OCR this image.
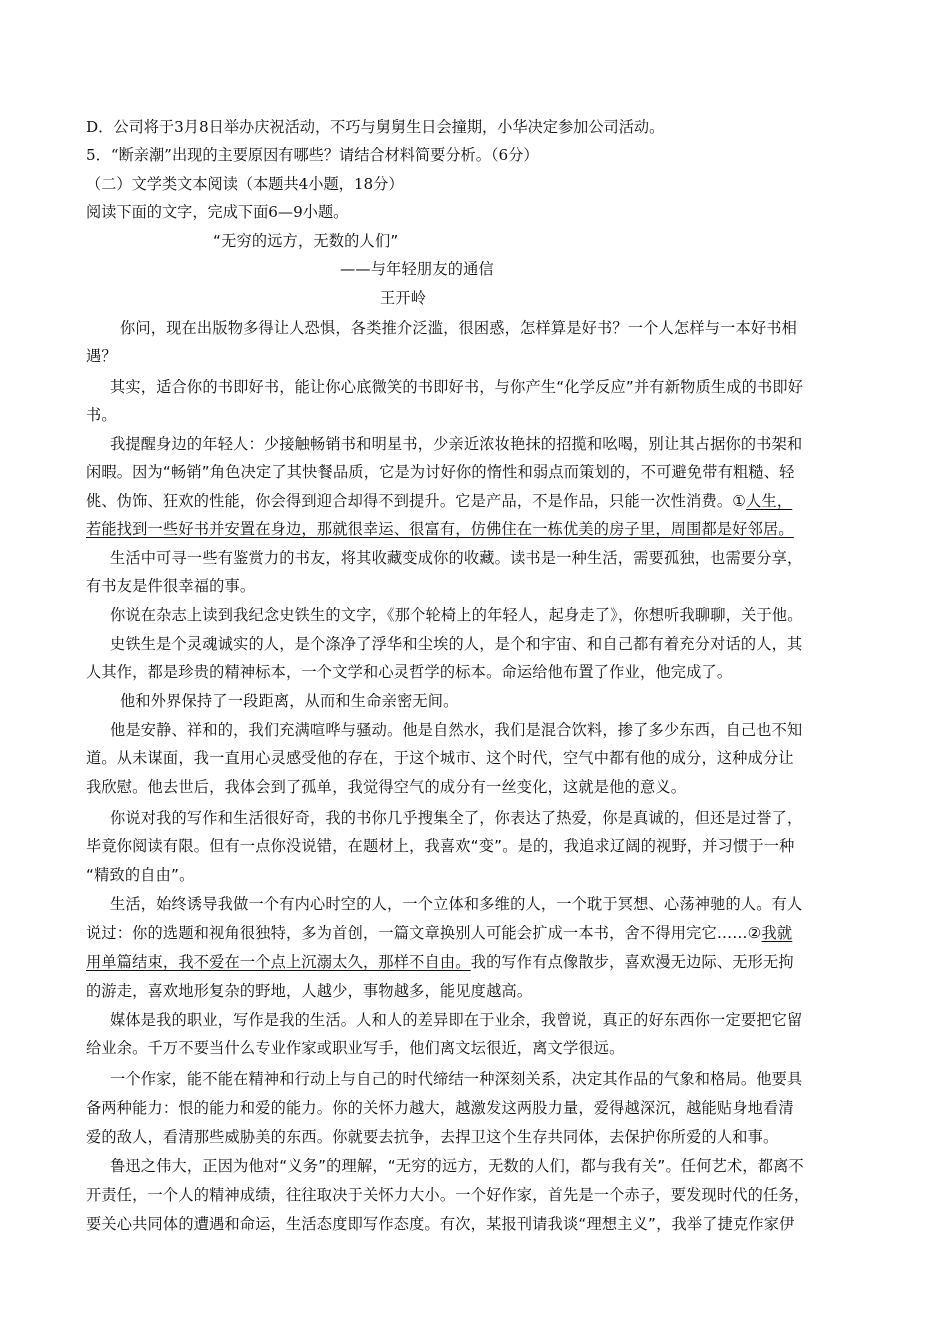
D．公司将于3月8日举办庆祝活动，不巧与舅舅生日会撞期，小华决定参加公司活动。
5．“断亲潮”出现的主要原因有哪些？请结合材料简要分析。（6分）
（二）文学类文本阅读（本题共4小题，18分）
阅读下面的文字，完成下面6—9小题。
“无穷的远方，无数的人们”
——与年轻朋友的通信
王开岭
你问，现在出版物多得让人恐惧，各类推介泛滥，很困惑，怎样算是好书？一个人怎样与一本好书相
遇？
其实，适合你的书即好书，能让你心底微笑的书即好书，与你产生“化学反应”并有新物质生成的书即好
书。
我提醒身边的年轻人：少接触畅销书和明星书，少亲近浓妆艳抹的招揽和吆喝，别让其占据你的书架和
闲暇。因为“畅销”角色决定了其快餐品质，它是为讨好你的惰性和弱点而策划的，不可避免带有粗糙、轻
佻、伪饰、狂欢的性能，你会得到迎合却得不到提升。它是产品，不是作品，只能一次性消费。①人生，
若能找到一些好书并安置在身边，那就很幸运、很富有，仿佛住在一栋优美的房子里，周围都是好邻居。
生活中可寻一些有鉴赏力的书友，将其收藏变成你的收藏。读书是一种生活，需要孤独，也需要分享，
有书友是件很幸福的事。
你说在杂志上读到我纪念史铁生的文字，《那个轮椅上的年轻人，起身走了》，你想听我聊聊，关于他。
史铁生是个灵魂诚实的人，是个涤净了浮华和尘埃的人，是个和宇宙、和自己都有着充分对话的人，其
人其作，都是珍贵的精神标本，一个文学和心灵哲学的标本。命运给他布置了作业，他完成了。
他和外界保持了一段距离，从而和生命亲密无间。
他是安静、祥和的，我们充满喧哗与骚动。他是自然水，我们是混合饮料，掺了多少东西，自己也不知
道。从未谋面，我一直用心灵感受他的存在，于这个城市、这个时代，空气中都有他的成分，这种成分让
我欣慰。他去世后，我体会到了孤单，我觉得空气的成分有一丝变化，这就是他的意义。
你说对我的写作和生活很好奇，我的书你几乎搜集全了，你表达了热爱，你是真诚的，但还是过誉了，
毕竟你阅读有限。但有一点你没说错，在题材上，我喜欢“变”。是的，我追求辽阔的视野，并习惯于一种
“精致的自由”。
生活，始终诱导我做一个有内心时空的人，一个立体和多维的人，一个耽于冥想、心荡神驰的人。有人
说过：你的选题和视角很独特，多为首创，一篇文章换别人可能会扩成一本书，舍不得用完它……②我就
用单篇结束，我不爱在一个点上沉溺太久，那样不自由。我的写作有点像散步，喜欢漫无边际、无形无拘
的游走，喜欢地形复杂的野地，人越少，事物越多，能见度越高。
媒体是我的职业，写作是我的生活。人和人的差异即在于业余，我曾说，真正的好东西你一定要把它留
给业余。千万不要当什么专业作家或职业写手，他们离文坛很近，离文学很远。
一个作家，能不能在精神和行动上与自己的时代缔结一种深刻关系，决定其作品的气象和格局。他要具
备两种能力：恨的能力和爱的能力。你的关怀力越大，越激发这两股力量，爱得越深沉，越能贴身地看清
爱的敌人，看清那些威胁美的东西。你就要去抗争，去捍卫这个生存共同体，去保护你所爱的人和事。
鲁迅之伟大，正因为他对“义务”的理解，“无穷的远方，无数的人们，都与我有关”。任何艺术，都离不
开责任，一个人的精神成绩，往往取决于关怀力大小。一个好作家，首先是一个赤子，要发现时代的任务，
要关心共同体的遭遇和命运，生活态度即写作态度。有次，某报刊请我谈“理想主义”，我举了捷克作家伊
